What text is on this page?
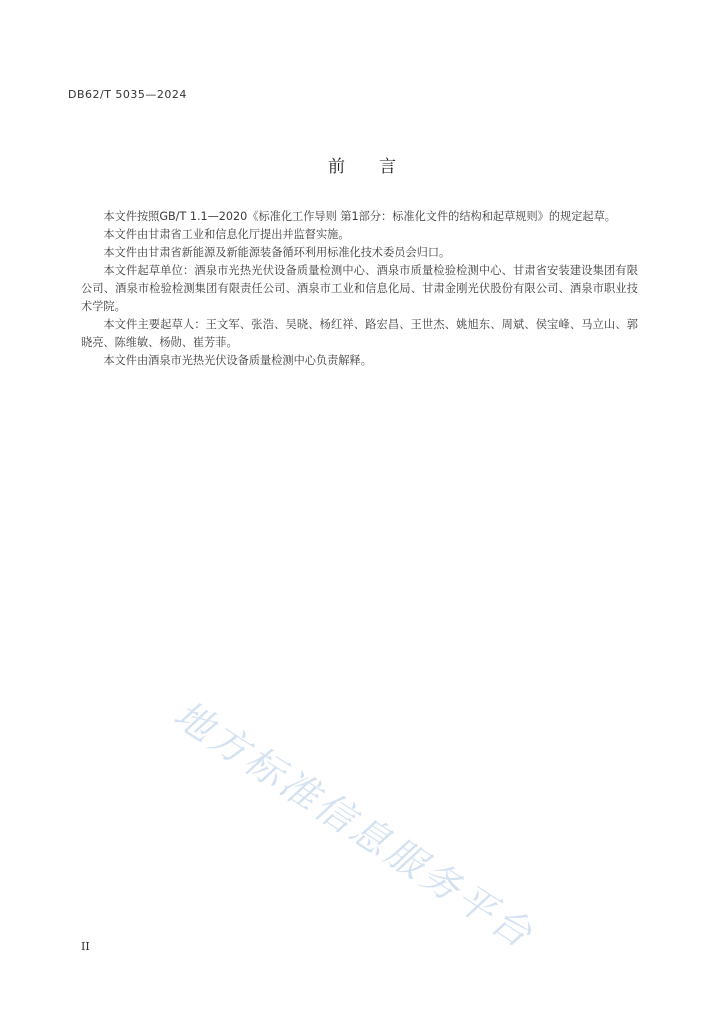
DB62/T 5035—2024
前言

本文件按照GB/T 1.1—2020《标准化工作导则 第1部分：标准化文件的结构和起草规则》的规定起草。

本文件由甘肃省工业和信息化厅提出并监督实施。

本文件由甘肃省新能源及新能源装备循环利用标准化技术委员会归口。

本文件起草单位：酒泉市光热光伏设备质量检测中心、酒泉市质量检验检测中心、甘肃省安装建设集团有限公司、酒泉市检验检测集团有限责任公司、酒泉市工业和信息化局、甘肃金刚光伏股份有限公司、酒泉市职业技术学院。

本文件主要起草人：王文军、张浩、吴晓、杨红祥、路宏昌、王世杰、姚旭东、周斌、侯宝峰、马立山、郭晓亮、陈维敏、杨勋、崔芳菲。

本文件由酒泉市光热光伏设备质量检测中心负责解释。

地方标准信息服务平台
II
